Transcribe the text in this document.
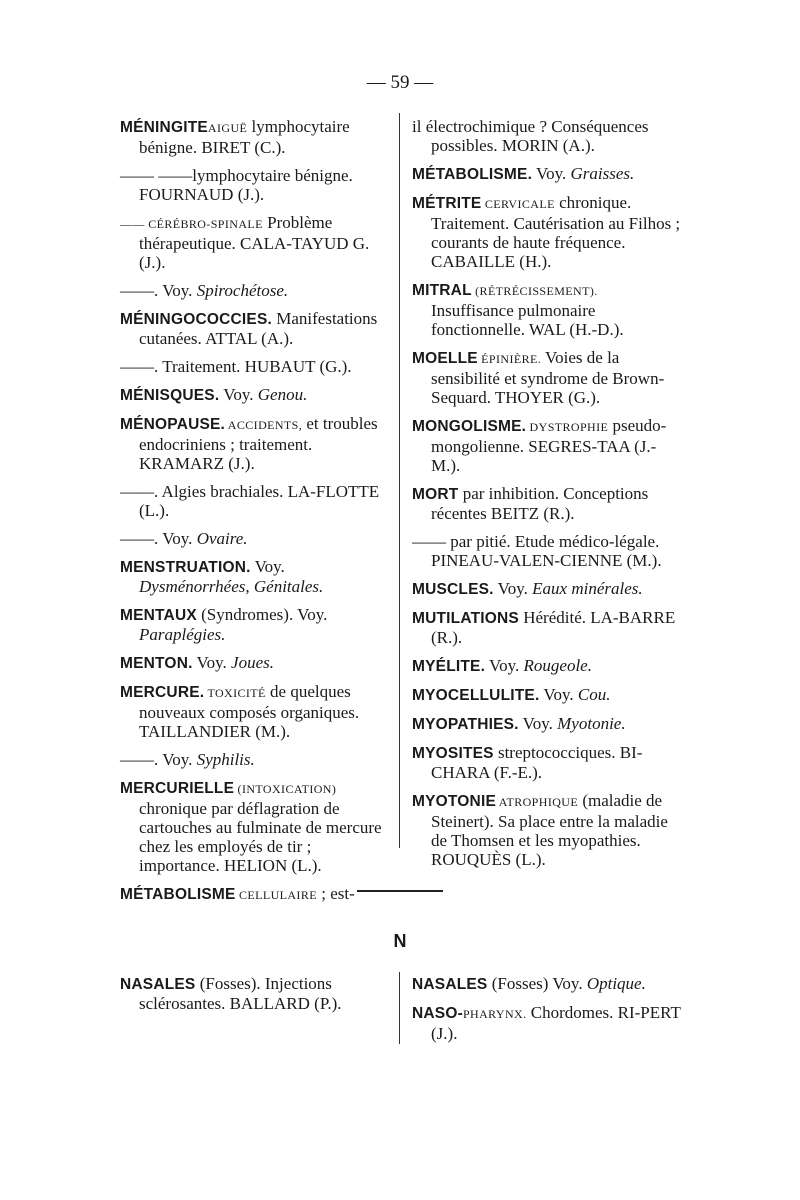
— 59 —
MÉNINGITEAIGUË lymphocytaire bénigne. BIRET (C.).
—— ——lymphocytaire bénigne. FOURNAUD (J.).
—— CÉRÉBRO-SPINALE Problème thérapeutique. CALA-TAYUD G. (J.).
——. Voy. Spirochétose.
MÉNINGOCOCCIES. Manifestations cutanées. ATTAL (A.).
——. Traitement. HUBAUT (G.).
MÉNISQUES. Voy. Genou.
MÉNOPAUSE. ACCIDENTS, et troubles endocriniens ; traitement. KRAMARZ (J.).
——. Algies brachiales. LA-FLOTTE (L.).
——. Voy. Ovaire.
MENSTRUATION. Voy. Dysménorrhées, Génitales.
MENTAUX (Syndromes). Voy. Paraplégies.
MENTON. Voy. Joues.
MERCURE. TOXICITÉ de quelques nouveaux composés organiques. TAILLANDIER (M.).
——. Voy. Syphilis.
MERCURIELLE (INTOXICATION) chronique par déflagration de cartouches au fulminate de mercure chez les employés de tir ; importance. HELION (L.).
MÉTABOLISME CELLULAIRE ; est-
il électrochimique ? Conséquences possibles. MORIN (A.).
MÉTABOLISME. Voy. Graisses.
MÉTRITE CERVICALE chronique. Traitement. Cautérisation au Filhos ; courants de haute fréquence. CABAILLE (H.).
MITRAL (RÉTRÉCISSEMENT). Insuffisance pulmonaire fonctionnelle. WAL (H.-D.).
MOELLE ÉPINIÈRE. Voies de la sensibilité et syndrome de Brown-Sequard. THOYER (G.).
MONGOLISME. DYSTROPHIE pseudo-mongolienne. SEGRES-TAA (J.-M.).
MORT par inhibition. Conceptions récentes BEITZ (R.).
—— par pitié. Etude médico-légale. PINEAU-VALEN-CIENNE (M.).
MUSCLES. Voy. Eaux minérales.
MUTILATIONS Hérédité. LA-BARRE (R.).
MYÉLITE. Voy. Rougeole.
MYOCELLULITE. Voy. Cou.
MYOPATHIES. Voy. Myotonie.
MYOSITES streptococciques. BI-CHARA (F.-E.).
MYOTONIE ATROPHIQUE (maladie de Steinert). Sa place entre la maladie de Thomsen et les myopathies. ROUQUÈS (L.).
N
NASALES (Fosses). Injections sclérosantes. BALLARD (P.).
NASALES (Fosses) Voy. Optique.
NASO-PHARYNX. Chordomes. RI-PERT (J.).
